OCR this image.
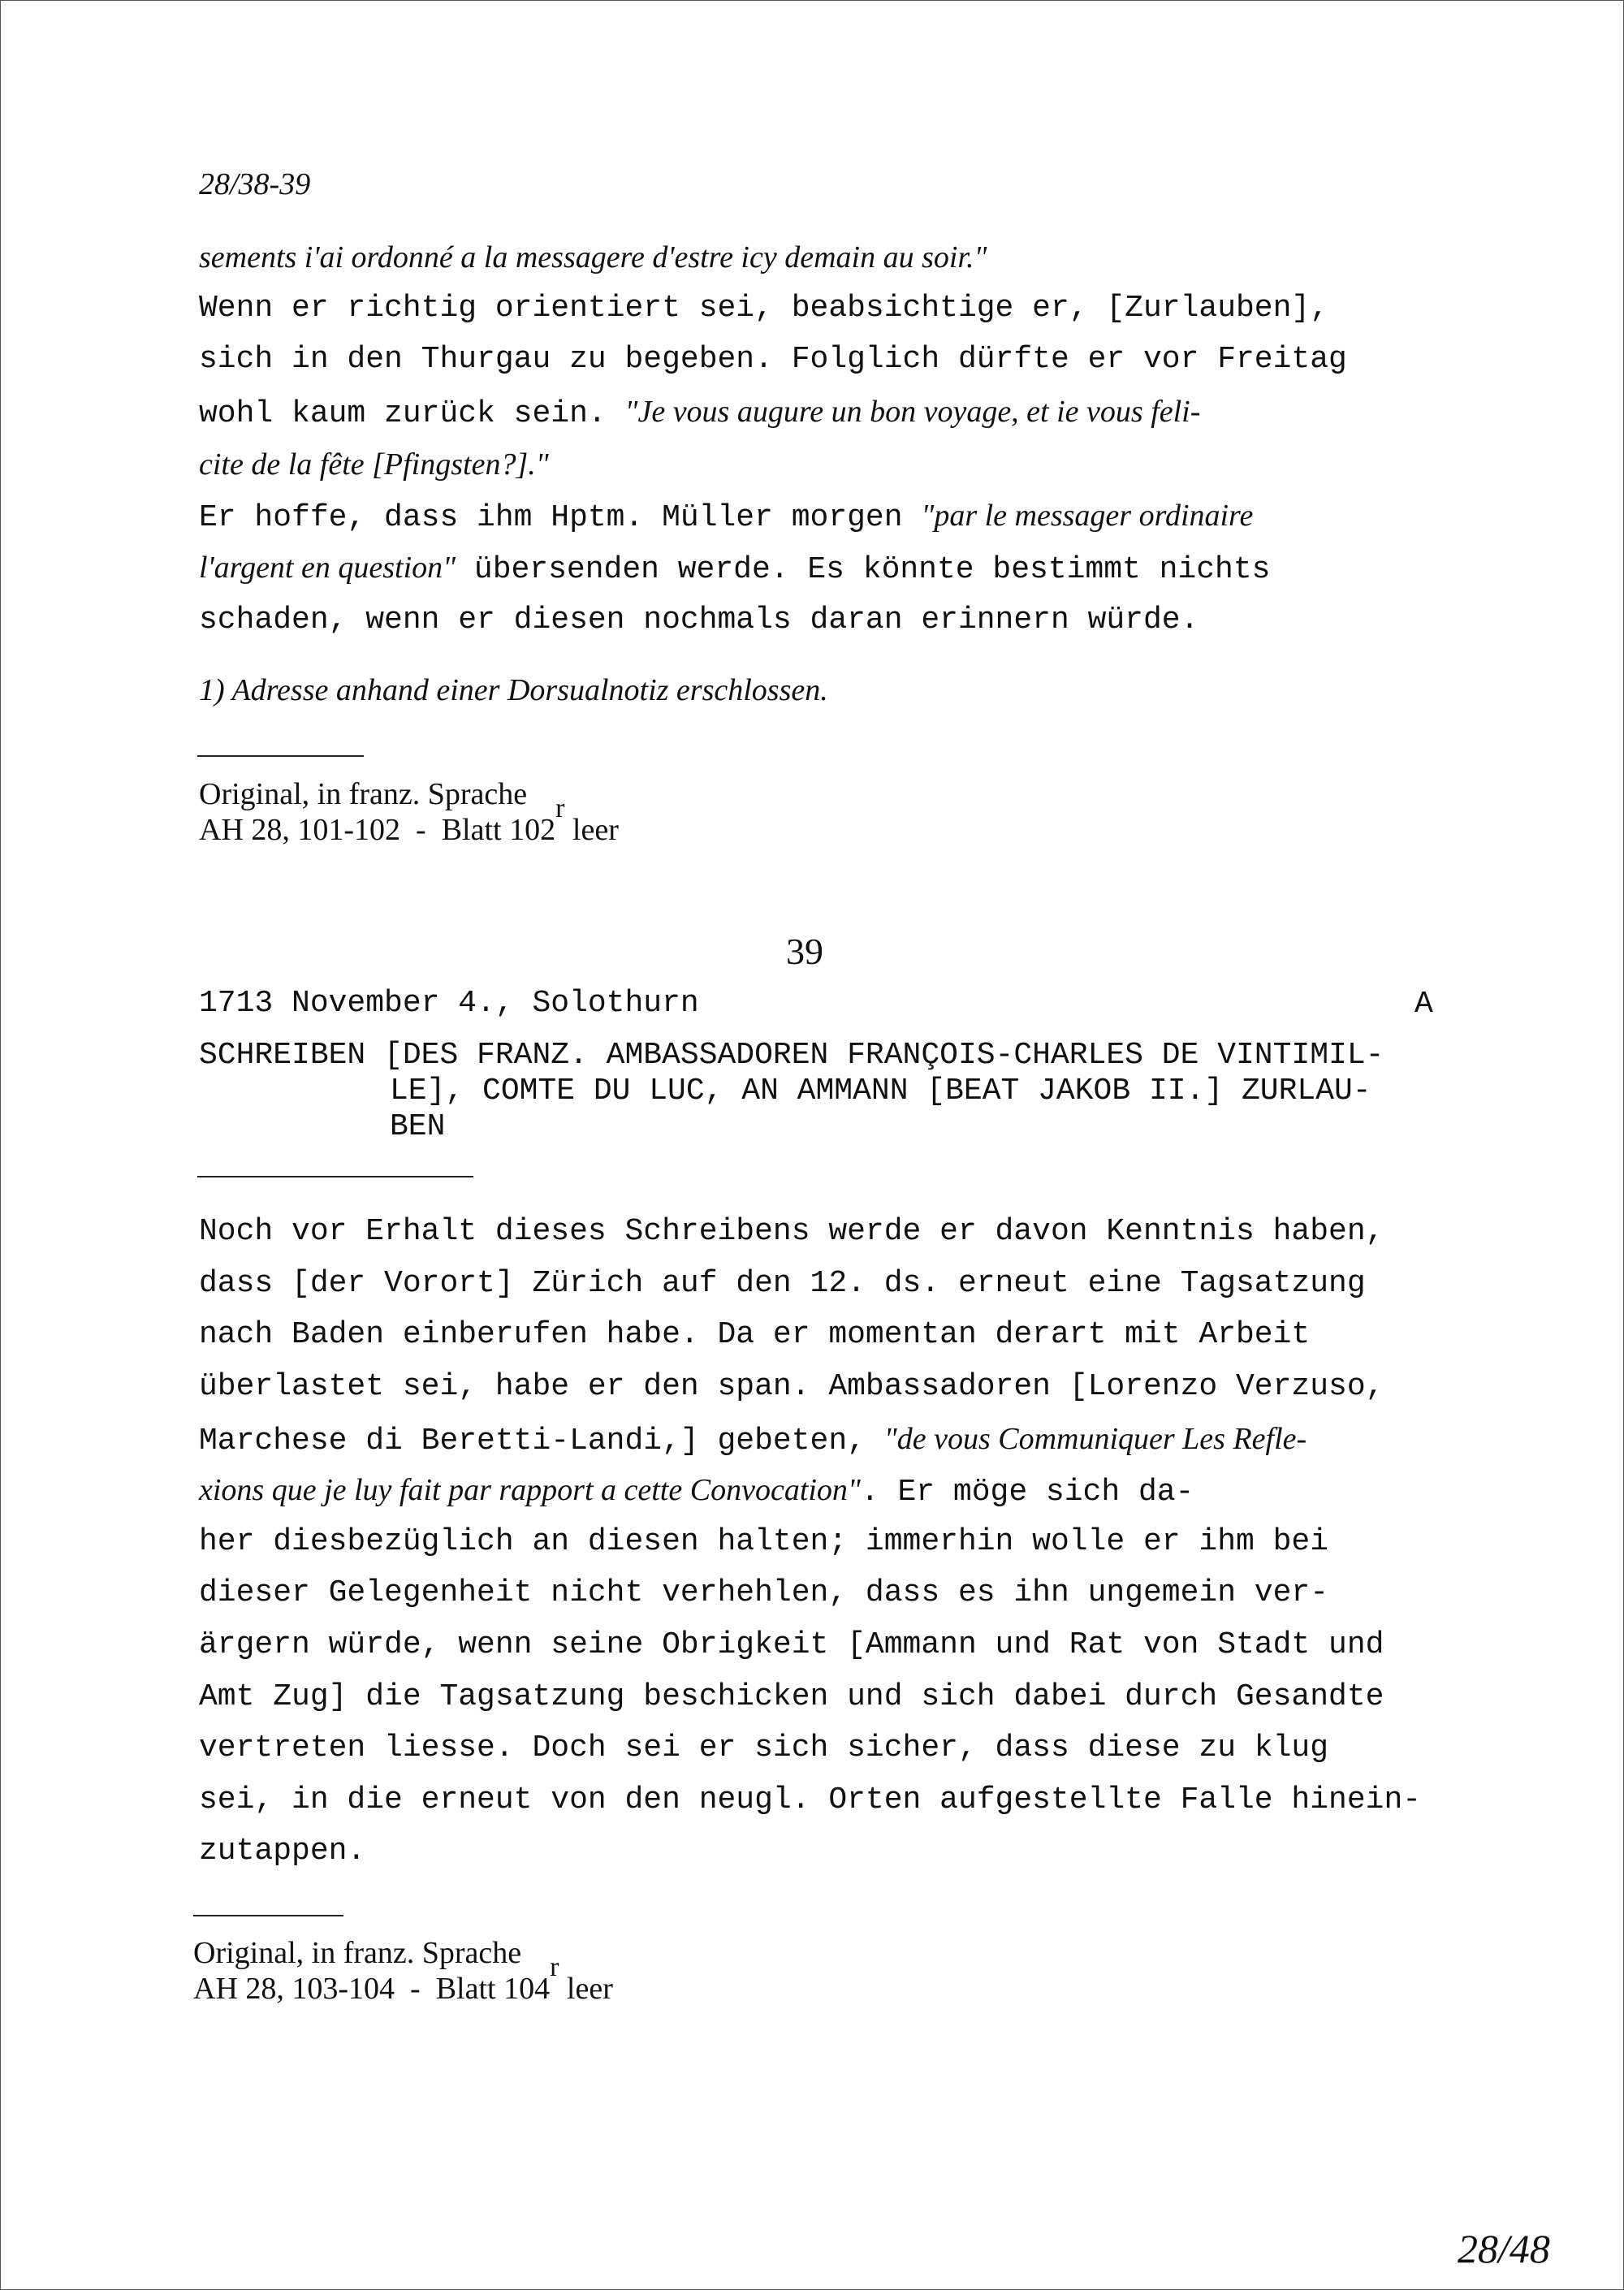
28/38-39
sements i'ai ordonné a la messagere d'estre icy demain au soir."
Wenn er richtig orientiert sei, beabsichtige er, [Zurlauben],
sich in den Thurgau zu begeben. Folglich dürfte er vor Freitag
wohl kaum zurück sein. "Je vous augure un bon voyage, et ie vous feli-
cite de la fête [Pfingsten?]."
Er hoffe, dass ihm Hptm. Müller morgen "par le messager ordinaire
l'argent en question" übersenden werde. Es könnte bestimmt nichts
schaden, wenn er diesen nochmals daran erinnern würde.
1) Adresse anhand einer Dorsualnotiz erschlossen.
Original, in franz. Sprache
AH 28, 101-102  -  Blatt 102r leer
39
1713 November 4., Solothurn	A
SCHREIBEN [DES FRANZ. AMBASSADOREN FRANÇOIS-CHARLES DE VINTIMIL-
LE], COMTE DU LUC, AN AMMANN [BEAT JAKOB II.] ZURLAU-
BEN
Noch vor Erhalt dieses Schreibens werde er davon Kenntnis haben,
dass [der Vorort] Zürich auf den 12. ds. erneut eine Tagsatzung
nach Baden einberufen habe. Da er momentan derart mit Arbeit
überlastet sei, habe er den span. Ambassadoren [Lorenzo Verzuso,
Marchese di Beretti-Landi,] gebeten, "de vous Communiquer Les Refle-
xions que je luy fait par rapport a cette Convocation". Er möge sich da-
her diesbezüglich an diesen halten; immerhin wolle er ihm bei
dieser Gelegenheit nicht verhehlen, dass es ihn ungemein ver-
ärgern würde, wenn seine Obrigkeit [Ammann und Rat von Stadt und
Amt Zug] die Tagsatzung beschicken und sich dabei durch Gesandte
vertreten liesse. Doch sei er sich sicher, dass diese zu klug
sei, in die erneut von den neugl. Orten aufgestellte Falle hinein-
zutappen.
Original, in franz. Sprache
AH 28, 103-104  -  Blatt 104r leer
28/48
